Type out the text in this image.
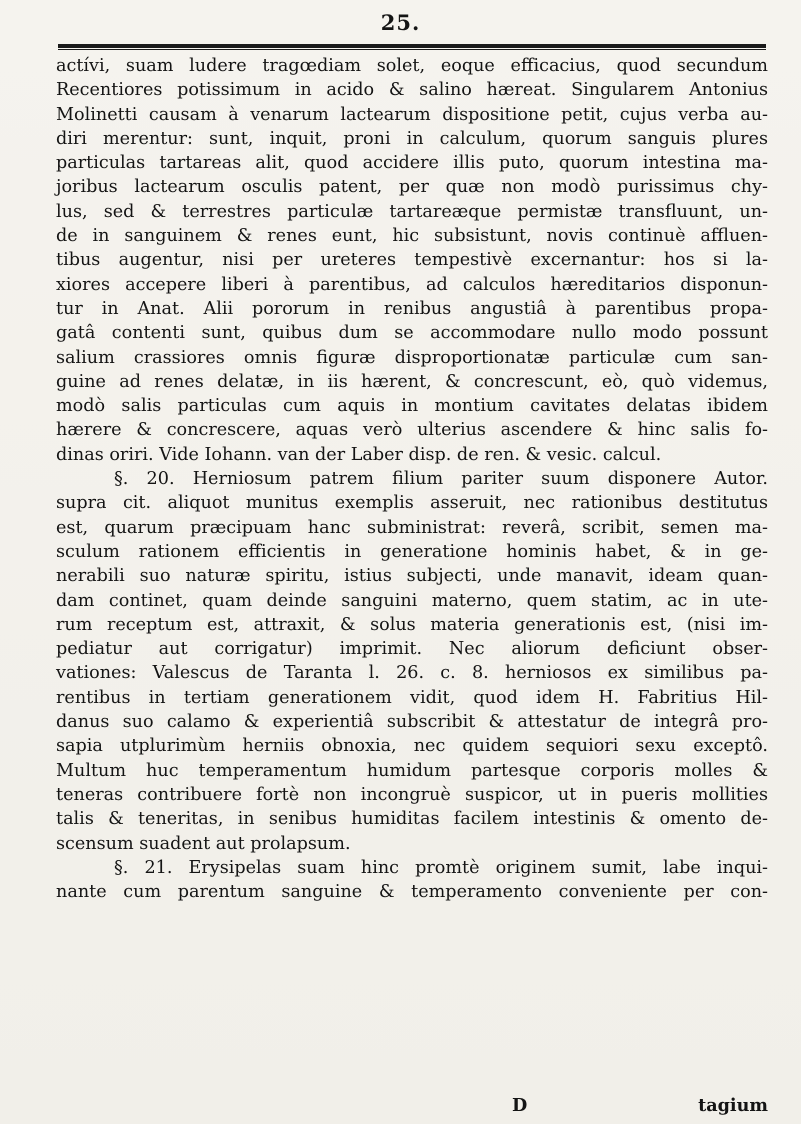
25.
actívi, suam ludere tragœdiam solet, eoque efficacius, quod secundum
Recentiores potissimum in acido & salino hæreat. Singularem Antonius
Molinetti causam à venarum lactearum dispositione petit, cujus verba au-
diri merentur: sunt, inquit, proni in calculum, quorum sanguis plures
particulas tartareas alit, quod accidere illis puto, quorum intestina ma-
joribus lactearum osculis patent, per quæ non modò purissimus chy-
lus, sed & terrestres particulæ tartareæque permistæ transfluunt, un-
de in sanguinem & renes eunt, hic subsistunt, novis continuè affluen-
tibus augentur, nisi per ureteres tempestivè excernantur: hos si la-
xiores accepere liberi à parentibus, ad calculos hæreditarios disponun-
tur in Anat. Alii pororum in renibus angustiâ à parentibus propa-
gatâ contenti sunt, quibus dum se accommodare nullo modo possunt
salium crassiores omnis figuræ disproportionatæ particulæ cum san-
guine ad renes delatæ, in iis hærent, & concrescunt, eò, quò videmus,
modò salis particulas cum aquis in montium cavitates delatas ibidem
hærere & concrescere, aquas verò ulterius ascendere & hinc salis fo-
dinas oriri. Vide Iohann. van der Laber disp. de ren. & vesic. calcul.
§. 20. Herniosum patrem filium pariter suum disponere Autor.
supra cit. aliquot munitus exemplis asseruit, nec rationibus destitutus
est, quarum præcipuam hanc subministrat: reverâ, scribit, semen ma-
sculum rationem efficientis in generatione hominis habet, & in ge-
nerabili suo naturæ spiritu, istius subjecti, unde manavit, ideam quan-
dam continet, quam deinde sanguini materno, quem statim, ac in ute-
rum receptum est, attraxit, & solus materia generationis est, (nisi im-
pediatur aut corrigatur) imprimit. Nec aliorum deficiunt obser-
vationes: Valescus de Taranta l. 26. c. 8. herniosos ex similibus pa-
rentibus in tertiam generationem vidit, quod idem H. Fabritius Hil-
danus suo calamo & experientiâ subscribit & attestatur de integrâ pro-
sapia utplurimùm herniis obnoxia, nec quidem sequiori sexu exceptô.
Multum huc temperamentum humidum partesque corporis molles &
teneras contribuere fortè non incongruè suspicor, ut in pueris mollities
talis & teneritas, in senibus humiditas facilem intestinis & omento de-
scensum suadent aut prolapsum.
§. 21. Erysipelas suam hinc promtè originem sumit, labe inqui-
nante cum parentum sanguine & temperamento conveniente per con-
D	tagium
